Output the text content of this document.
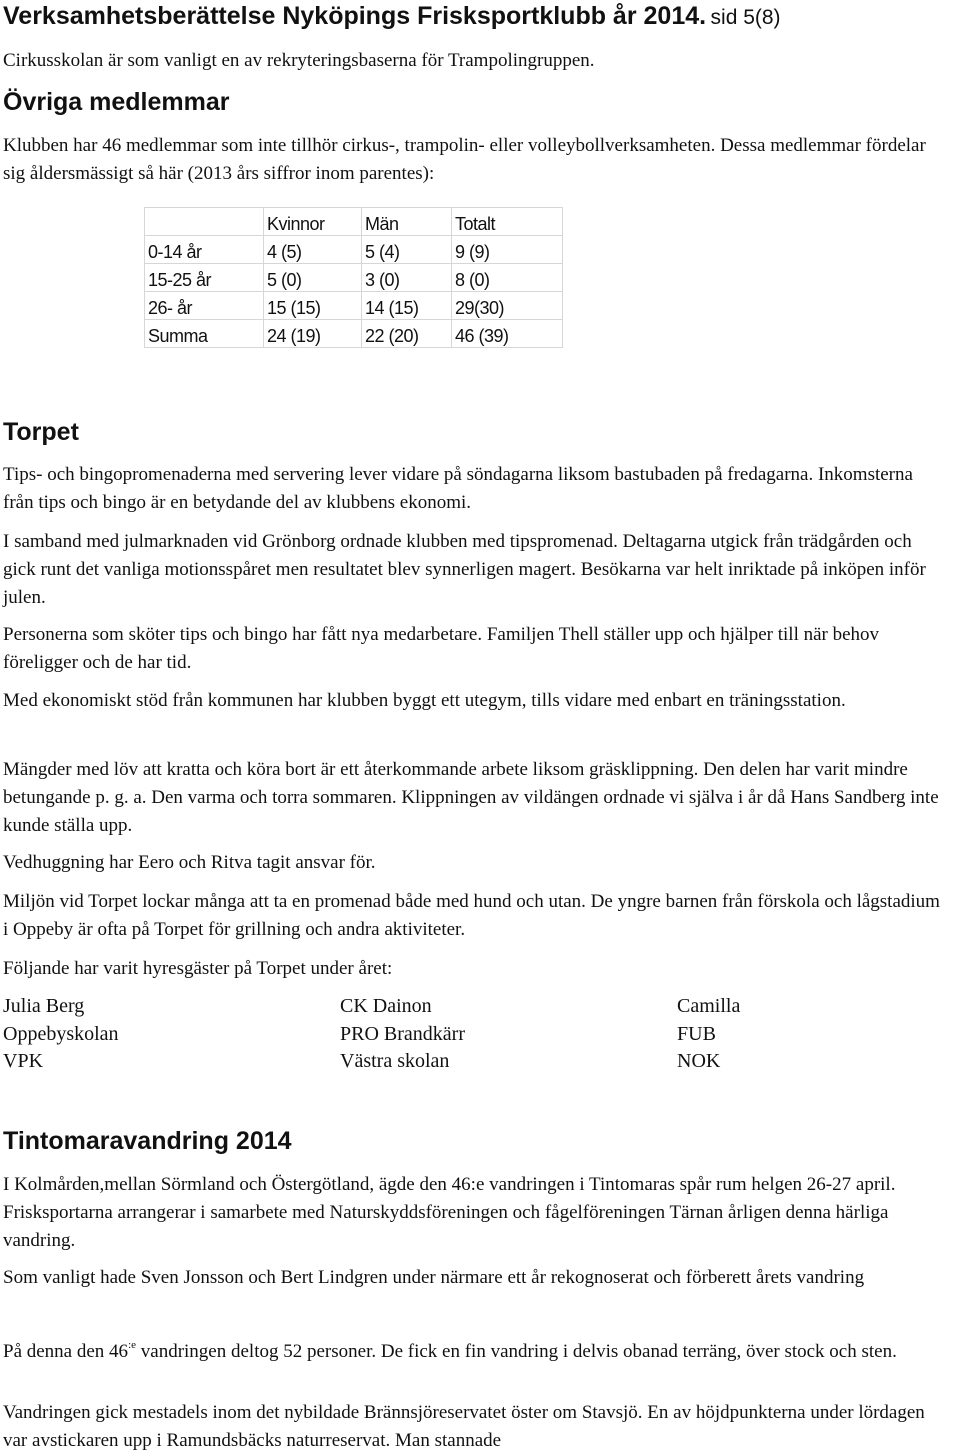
Verksamhetsberättelse Nyköpings Frisksportklubb år 2014. sid 5(8)

Cirkusskolan är som vanligt en av rekryteringsbaserna för Trampolingruppen.

Övriga medlemmar

Klubben har 46 medlemmar som inte tillhör cirkus-, trampolin- eller volleybollverksamheten. Dessa medlemmar fördelar sig åldersmässigt så här (2013 års siffror inom parentes):

	Kvinnor	Män	Totalt
0-14 år	4 (5)	5 (4)	9 (9)
15-25 år	5 (0)	3 (0)	8 (0)
26- år	15 (15)	14 (15)	29(30)
Summa	24 (19)	22 (20)	46 (39)
Torpet

Tips- och bingopromenaderna med servering lever vidare på söndagarna liksom bastubaden på fredagarna. Inkomsterna från tips och bingo är en betydande del av klubbens ekonomi.

I samband med julmarknaden vid Grönborg ordnade klubben med tipspromenad. Deltagarna utgick från trädgården och gick runt det vanliga motionsspåret men resultatet blev synnerligen magert. Besökarna var helt inriktade på inköpen inför julen.

Personerna som sköter tips och bingo har fått nya medarbetare. Familjen Thell ställer upp och hjälper till när behov föreligger och de har tid.

Med ekonomiskt stöd från kommunen har klubben byggt ett utegym, tills vidare med enbart en träningsstation.

Mängder med löv att kratta och köra bort är ett återkommande arbete liksom gräsklippning. Den delen har varit mindre betungande p. g. a. Den varma och torra sommaren. Klippningen av vildängen ordnade vi själva i år då Hans Sandberg inte kunde ställa upp.

Vedhuggning har Eero och Ritva tagit ansvar för.

Miljön vid Torpet lockar många att ta en promenad både med hund och utan. De yngre barnen från förskola och lågstadium i Oppeby är ofta på Torpet för grillning och andra aktiviteter.

Följande har varit hyresgäster på Torpet under året:

Julia Berg	CK Dainon	Camilla
Oppebyskolan	PRO Brandkärr	FUB
VPK	Västra skolan	NOK
Tintomaravandring 2014

I Kolmården,mellan Sörmland och Östergötland, ägde den 46:e vandringen i Tintomaras spår rum helgen 26-27 april. Frisksportarna arrangerar i samarbete med Naturskyddsföreningen och fågelföreningen Tärnan årligen denna härliga vandring.

Som vanligt hade Sven Jonsson och Bert Lindgren under närmare ett år rekognoserat och förberett årets vandring

På denna den $46^{:e}$ vandringen deltog 52 personer. De fick en fin vandring i delvis obanad terräng, över stock och sten.

Vandringen gick mestadels inom det nybildade Brännsjöreservatet öster om Stavsjö. En av höjdpunkterna under lördagen var avstickaren upp i Ramundsbäcks naturreservat. Man stannade
